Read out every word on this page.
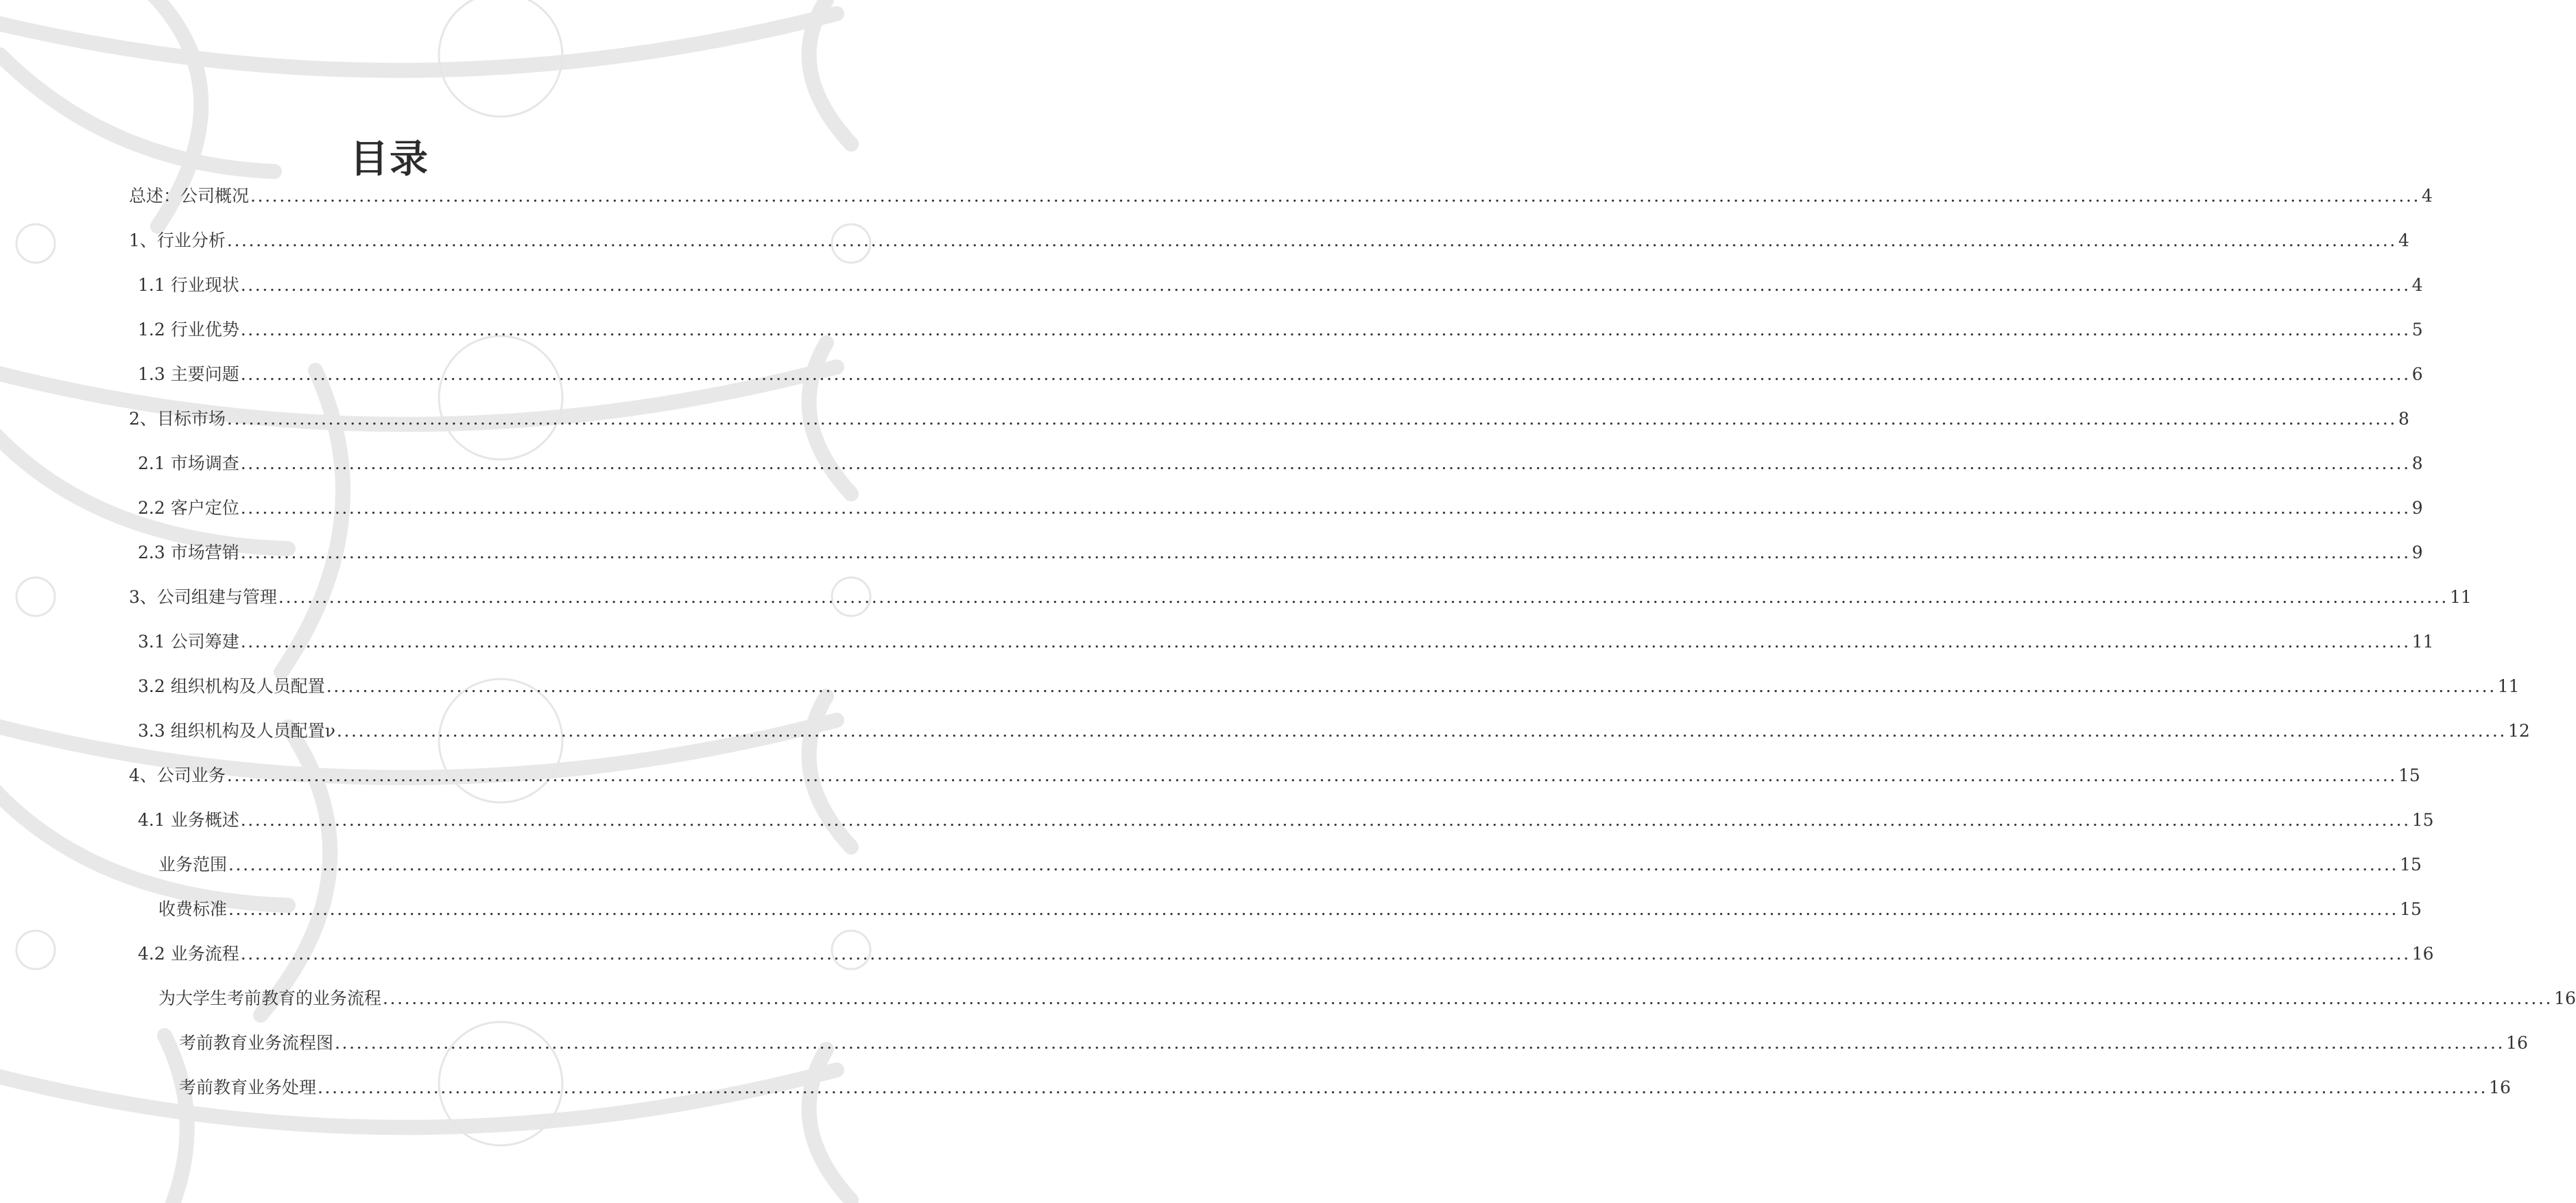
目录
总述：公司概况 ............................................................................................................................................................................................................................................................................................................ 4
1、行业分析 ............................................................................................................................................................................................................................................................................................................ 4
1.1 行业现状 ............................................................................................................................................................................................................................................................................................................ 4
1.2 行业优势 ............................................................................................................................................................................................................................................................................................................ 5
1.3 主要问题 ............................................................................................................................................................................................................................................................................................................ 6
2、目标市场 ............................................................................................................................................................................................................................................................................................................ 8
2.1 市场调查 ............................................................................................................................................................................................................................................................................................................ 8
2.2 客户定位 ............................................................................................................................................................................................................................................................................................................ 9
2.3 市场营销 ............................................................................................................................................................................................................................................................................................................ 9
3、公司组建与管理 ............................................................................................................................................................................................................................................................................................................ 11
3.1 公司筹建 ............................................................................................................................................................................................................................................................................................................ 11
3.2 组织机构及人员配置 ............................................................................................................................................................................................................................................................................................................ 11
3.3 组织机构及人员配置ν ............................................................................................................................................................................................................................................................................................................ 12
4、公司业务 ............................................................................................................................................................................................................................................................................................................ 15
4.1 业务概述 ............................................................................................................................................................................................................................................................................................................ 15
业务范围 ............................................................................................................................................................................................................................................................................................................ 15
收费标准 ............................................................................................................................................................................................................................................................................................................ 15
4.2 业务流程 ............................................................................................................................................................................................................................................................................................................ 16
为大学生考前教育的业务流程 ............................................................................................................................................................................................................................................................................................................ 16
考前教育业务流程图 ............................................................................................................................................................................................................................................................................................................ 16
考前教育业务处理 ............................................................................................................................................................................................................................................................................................................ 16
